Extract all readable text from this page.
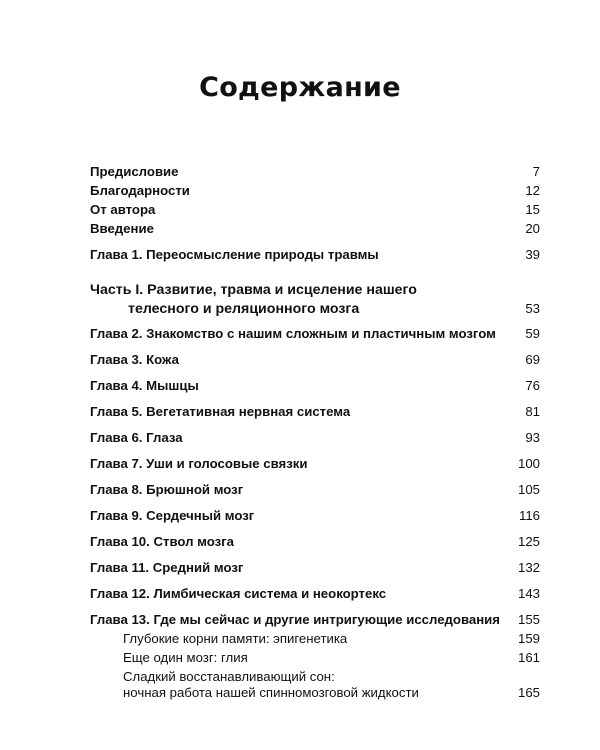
Содержание
Предисловие	7
Благодарности	12
От автора	15
Введение	20
Глава 1. Переосмысление природы травмы	39
Часть I. Развитие, травма и исцеление нашего
телесного и реляционного мозга	53
Глава 2. Знакомство с нашим сложным и пластичным мозгом 59
Глава 3. Кожа	69
Глава 4. Мышцы	76
Глава 5. Вегетативная нервная система	81
Глава 6. Глаза	93
Глава 7. Уши и голосовые связки	100
Глава 8. Брюшной мозг	105
Глава 9. Сердечный мозг	116
Глава 10. Ствол мозга	125
Глава 11. Средний мозг	132
Глава 12. Лимбическая система и неокортекс	143
Глава 13. Где мы сейчас и другие интригующие исследования 155
Глубокие корни памяти: эпигенетика	159
Еще один мозг: глия	161
Сладкий восстанавливающий сон:
ночная работа нашей спинномозговой жидкости	165
